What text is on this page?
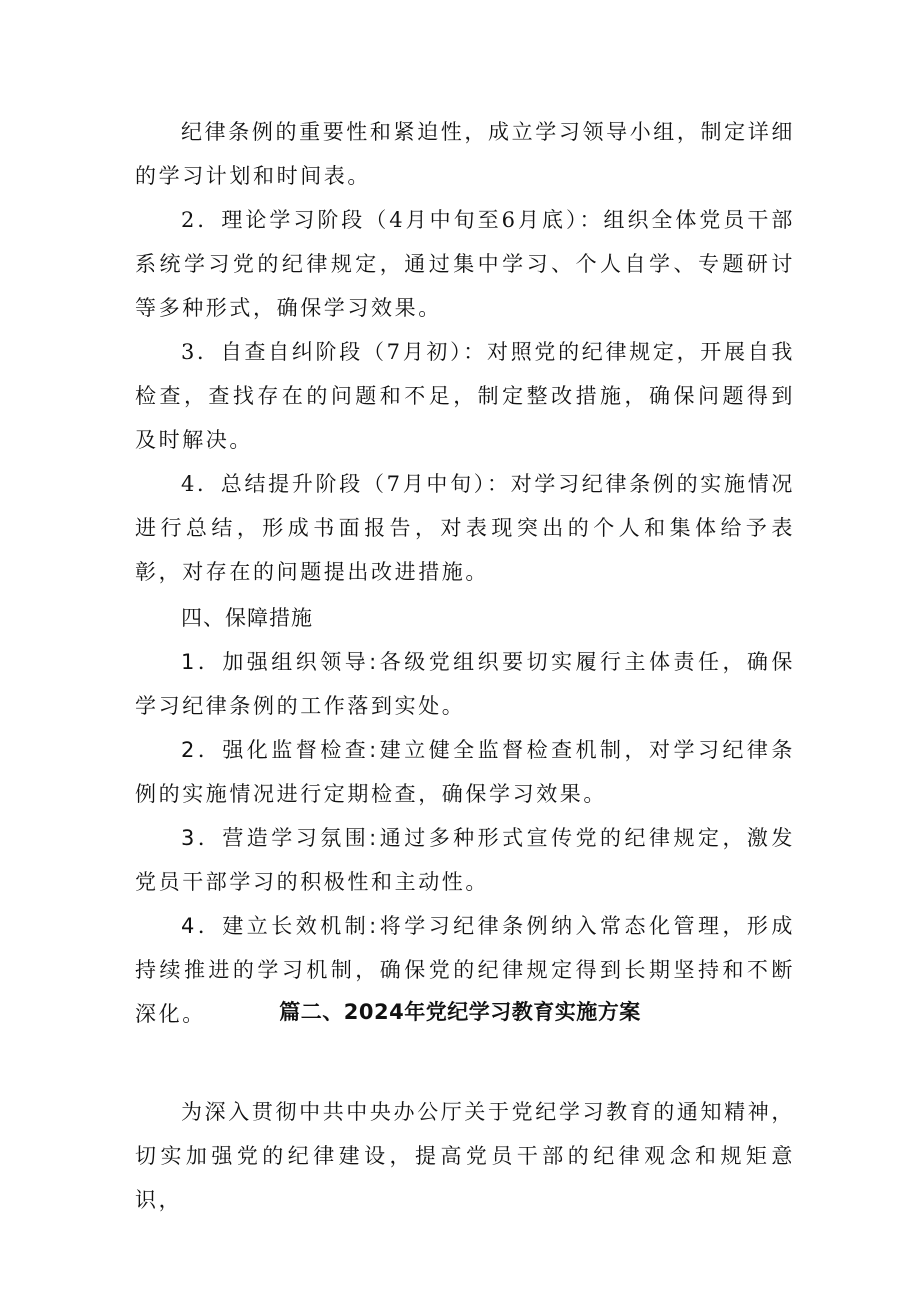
纪律条例的重要性和紧迫性，成立学习领导小组，制定详细的学习计划和时间表。

2．理论学习阶段（4月中旬至6月底）：组织全体党员干部系统学习党的纪律规定，通过集中学习、个人自学、专题研讨等多种形式，确保学习效果。

3．自查自纠阶段（7月初）：对照党的纪律规定，开展自我检查，查找存在的问题和不足，制定整改措施，确保问题得到及时解决。

4．总结提升阶段（7月中旬）：对学习纪律条例的实施情况进行总结，形成书面报告，对表现突出的个人和集体给予表彰，对存在的问题提出改进措施。

四、保障措施

1．加强组织领导:各级党组织要切实履行主体责任，确保学习纪律条例的工作落到实处。

2．强化监督检查:建立健全监督检查机制，对学习纪律条例的实施情况进行定期检查，确保学习效果。

3．营造学习氛围:通过多种形式宣传党的纪律规定，激发党员干部学习的积极性和主动性。

4．建立长效机制:将学习纪律条例纳入常态化管理，形成持续推进的学习机制，确保党的纪律规定得到长期坚持和不断深化。	篇二、2024年党纪学习教育实施方案

为深入贯彻中共中央办公厅关于党纪学习教育的通知精神，切实加强党的纪律建设，提高党员干部的纪律观念和规矩意识，
